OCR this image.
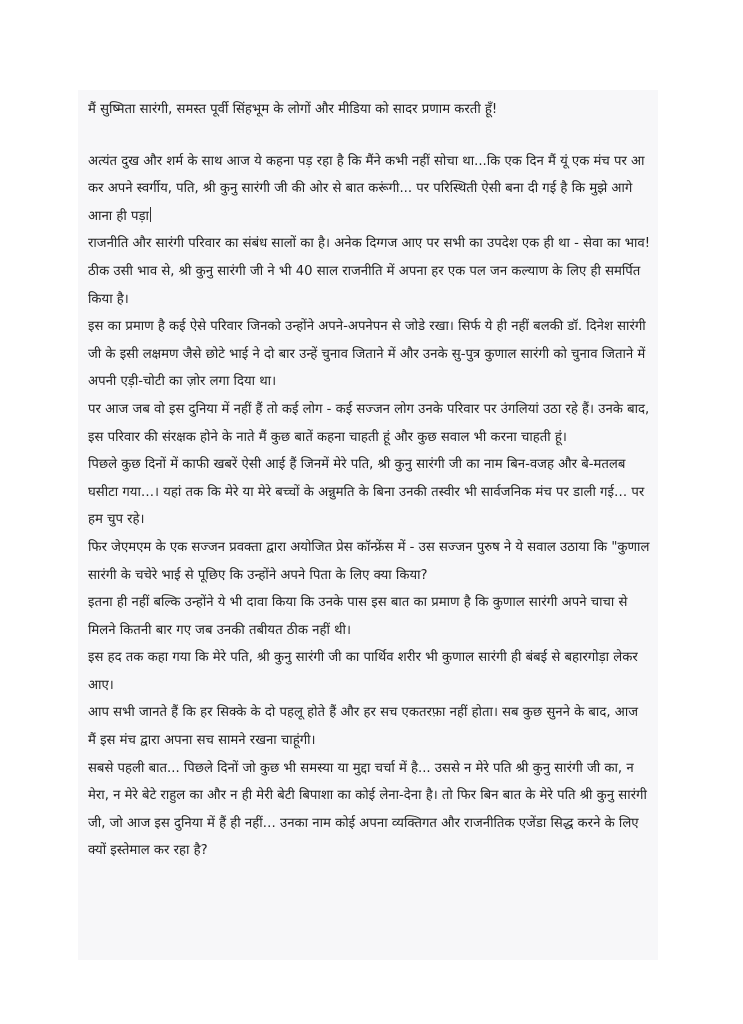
मैं सुष्मिता सारंगी, समस्त पूर्वी सिंहभूम के लोगों और मीडिया को सादर प्रणाम करती हूँ!

अत्यंत दुख और शर्म के साथ आज ये कहना पड़ रहा है कि मैंने कभी नहीं सोचा था...कि एक दिन मैं यूं एक मंच पर आ कर अपने स्वर्गीय, पति, श्री कुनु सारंगी जी की ओर से बात करूंगी... पर परिस्थिती ऐसी बना दी गई है कि मुझे आगे आना ही पड़ा

राजनीति और सारंगी परिवार का संबंध सालों का है। अनेक दिग्गज आए पर सभी का उपदेश एक ही था - सेवा का भाव! ठीक उसी भाव से, श्री कुनु सारंगी जी ने भी 40 साल राजनीति में अपना हर एक पल जन कल्याण के लिए ही समर्पित किया है।

इस का प्रमाण है कई ऐसे परिवार जिनको उन्होंने अपने-अपनेपन से जोडे रखा। सिर्फ ये ही नहीं बलकी डॉ. दिनेश सारंगी जी के इसी लक्षमण जैसे छोटे भाई ने दो बार उन्हें चुनाव जिताने में और उनके सु-पुत्र कुणाल सारंगी को चुनाव जिताने में अपनी एड़ी-चोटी का ज़ोर लगा दिया था।

पर आज जब वो इस दुनिया में नहीं हैं तो कई लोग - कई सज्जन लोग उनके परिवार पर उंगलियां उठा रहे हैं। उनके बाद, इस परिवार की संरक्षक होने के नाते मैं कुछ बातें कहना चाहती हूं और कुछ सवाल भी करना चाहती हूं।

पिछले कुछ दिनों में काफी खबरें ऐसी आई हैं जिनमें मेरे पति, श्री कुनु सारंगी जी का नाम बिन-वजह और बे-मतलब घसीटा गया…। यहां तक कि मेरे या मेरे बच्चों के अन्नुमति के बिना उनकी तस्वीर भी सार्वजनिक मंच पर डाली गई… पर हम चुप रहे।

फिर जेएमएम के एक सज्जन प्रवक्ता द्वारा अयोजित प्रेस कॉन्फ्रेंस में - उस सज्जन पुरुष ने ये सवाल उठाया कि "कुणाल सारंगी के चचेरे भाई से पूछिए कि उन्होंने अपने पिता के लिए क्या किया?

इतना ही नहीं बल्कि उन्होंने ये भी दावा किया कि उनके पास इस बात का प्रमाण है कि कुणाल सारंगी अपने चाचा से मिलने कितनी बार गए जब उनकी तबीयत ठीक नहीं थी।

इस हद तक कहा गया कि मेरे पति, श्री कुनु सारंगी जी का पार्थिव शरीर भी कुणाल सारंगी ही बंबई से बहारगोड़ा लेकर आए।

आप सभी जानते हैं कि हर सिक्के के दो पहलू होते हैं और हर सच एकतरफ़ा नहीं होता। सब कुछ सुनने के बाद, आज मैं इस मंच द्वारा अपना सच सामने रखना चाहूंगी।

सबसे पहली बात... पिछले दिनों जो कुछ भी समस्या या मुद्दा चर्चा में है... उससे न मेरे पति श्री कुनु सारंगी जी का, न मेरा, न मेरे बेटे राहुल का और न ही मेरी बेटी बिपाशा का कोई लेना-देना है। तो फिर बिन बात के मेरे पति श्री कुनु सारंगी जी, जो आज इस दुनिया में हैं ही नहीं… उनका नाम कोई अपना व्यक्तिगत और राजनीतिक एजेंडा सिद्ध करने के लिए क्यों इस्तेमाल कर रहा है?
